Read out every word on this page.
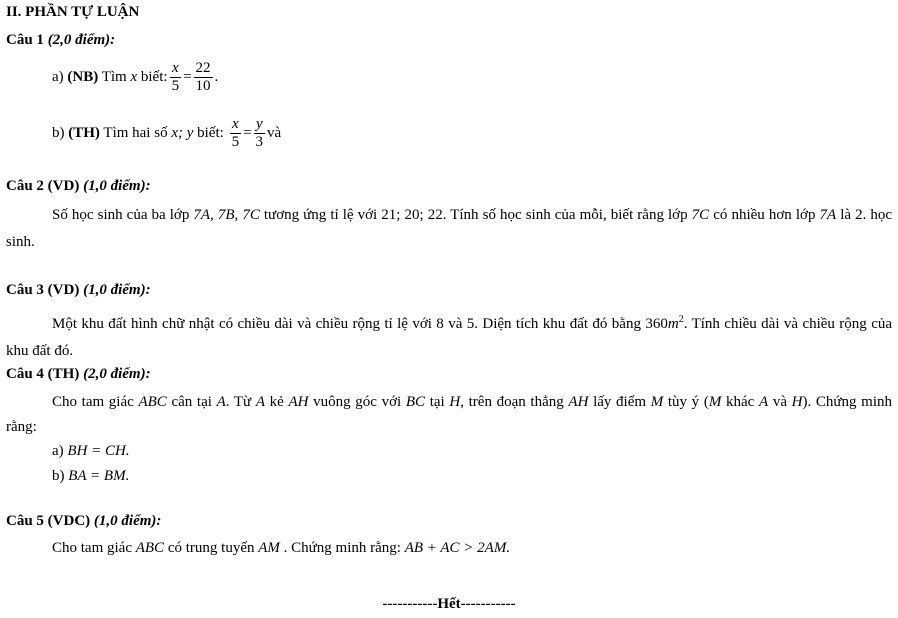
II. PHẦN TỰ LUẬN
Câu 1 (2,0 điểm):
a) (NB) Tìm x biết: $\frac{x}{5} = \frac{22}{10}$ .
b) (TH) Tìm hai số x; y biết: $\frac{x}{5} = \frac{y}{3}$ và
Câu 2 (VD) (1,0 điểm):
Số học sinh của ba lớp 7A, 7B, 7C tương ứng tỉ lệ với 21; 20; 22. Tính số học sinh của mỗi, biết rằng lớp 7C có nhiều hơn lớp 7A là 2. học sinh.
Câu 3 (VD) (1,0 điểm):
Một khu đất hình chữ nhật có chiều dài và chiều rộng tỉ lệ với 8 và 5. Diện tích khu đất đó bằng $360m^2$. Tính chiều dài và chiều rộng của khu đất đó.
Câu 4 (TH) (2,0 điểm):
Cho tam giác ABC cân tại A. Từ A kẻ AH vuông góc với BC tại H, trên đoạn thẳng AH lấy điểm M tùy ý (M khác A và H). Chứng minh rằng:
a) BH = CH.
b) BA = BM.
Câu 5 (VDC) (1,0 điểm):
Cho tam giác ABC có trung tuyến AM . Chứng minh rằng: AB + AC > 2AM.
-----------Hết-----------
